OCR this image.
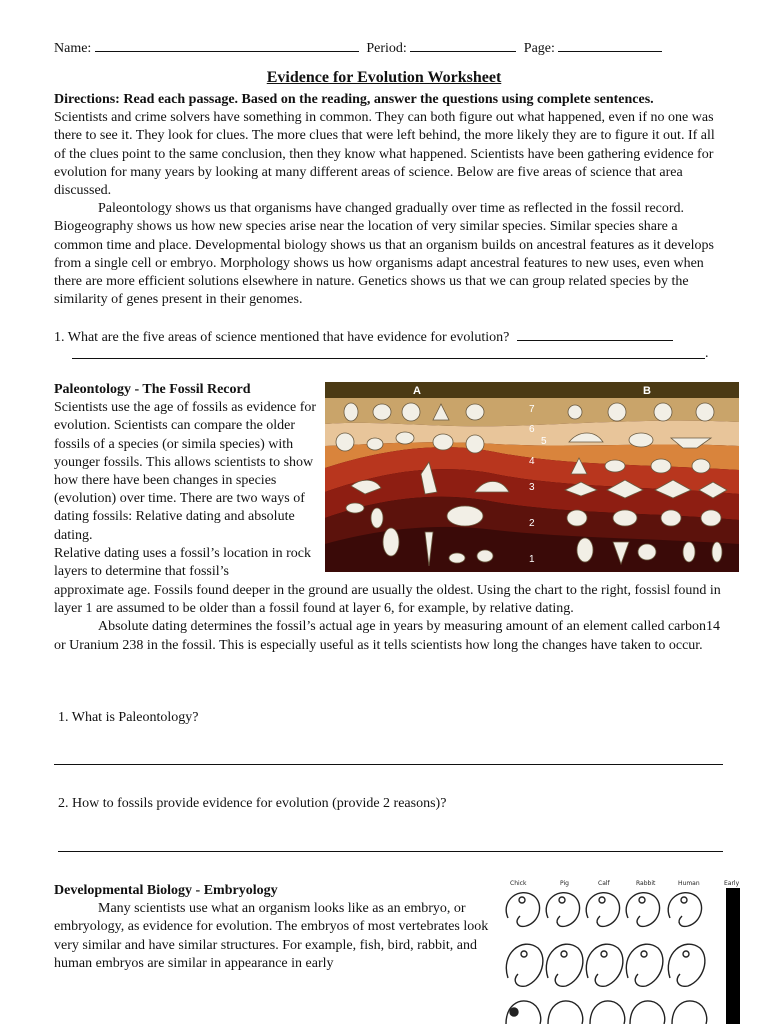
Name:	Period:	Page:
Evidence for Evolution Worksheet

Directions: Read each passage. Based on the reading, answer the questions using complete sentences.

Scientists and crime solvers have something in common. They can both figure out what happened, even if no one was there to see it. They look for clues. The more clues that were left behind, the more likely they are to figure it out. If all of the clues point to the same conclusion, then they know what happened. Scientists have been gathering evidence for evolution for many years by looking at many different areas of science. Below are five areas of science that area discussed.

Paleontology shows us that organisms have changed gradually over time as reflected in the fossil record. Biogeography shows us how new species arise near the location of very similar species. Similar species share a common time and place. Developmental biology shows us that an organism builds on ancestral features as it develops from a single cell or embryo. Morphology shows us how organisms adapt ancestral features to new uses, even when there are more efficient solutions elsewhere in nature. Genetics shows us that we can group related species by the similarity of genes present in their genomes.

1. What are the five areas of science mentioned that have evidence for evolution?
.

Paleontology - The Fossil Record

Scientists use the age of fossils as evidence for evolution. Scientists can compare the older fossils of a species (or simila species) with younger fossils. This allows scientists to show how there have been changes in species (evolution) over time. There are two ways of dating fossils: Relative dating and absolute dating.

Relative dating uses a fossil’s location in rock layers to determine that fossil’s

A	B
7
6
5
4
3
2
1

approximate age. Fossils found deeper in the ground are usually the oldest. Using the chart to the right, fossisl found in layer 1 are assumed to be older than a fossil found at layer 6, for example, by relative dating.

Absolute dating determines the fossil’s actual age in years by measuring amount of an element called carbon14 or Uranium 238 in the fossil. This is especially useful as it tells scientists how long the changes have taken to occur.

1. What is Paleontology?
2. How to fossils provide evidence for evolution (provide 2 reasons)?

Developmental Biology - Embryology

Many scientists use what an organism looks like as an embryo, or embryology, as evidence for evolution. The embryos of most vertebrates look very similar and have similar structures. For example, fish, bird, rabbit, and human embryos are similar in appearance in early

Chick	Pig	Calf	Rabbit	Human	Early
